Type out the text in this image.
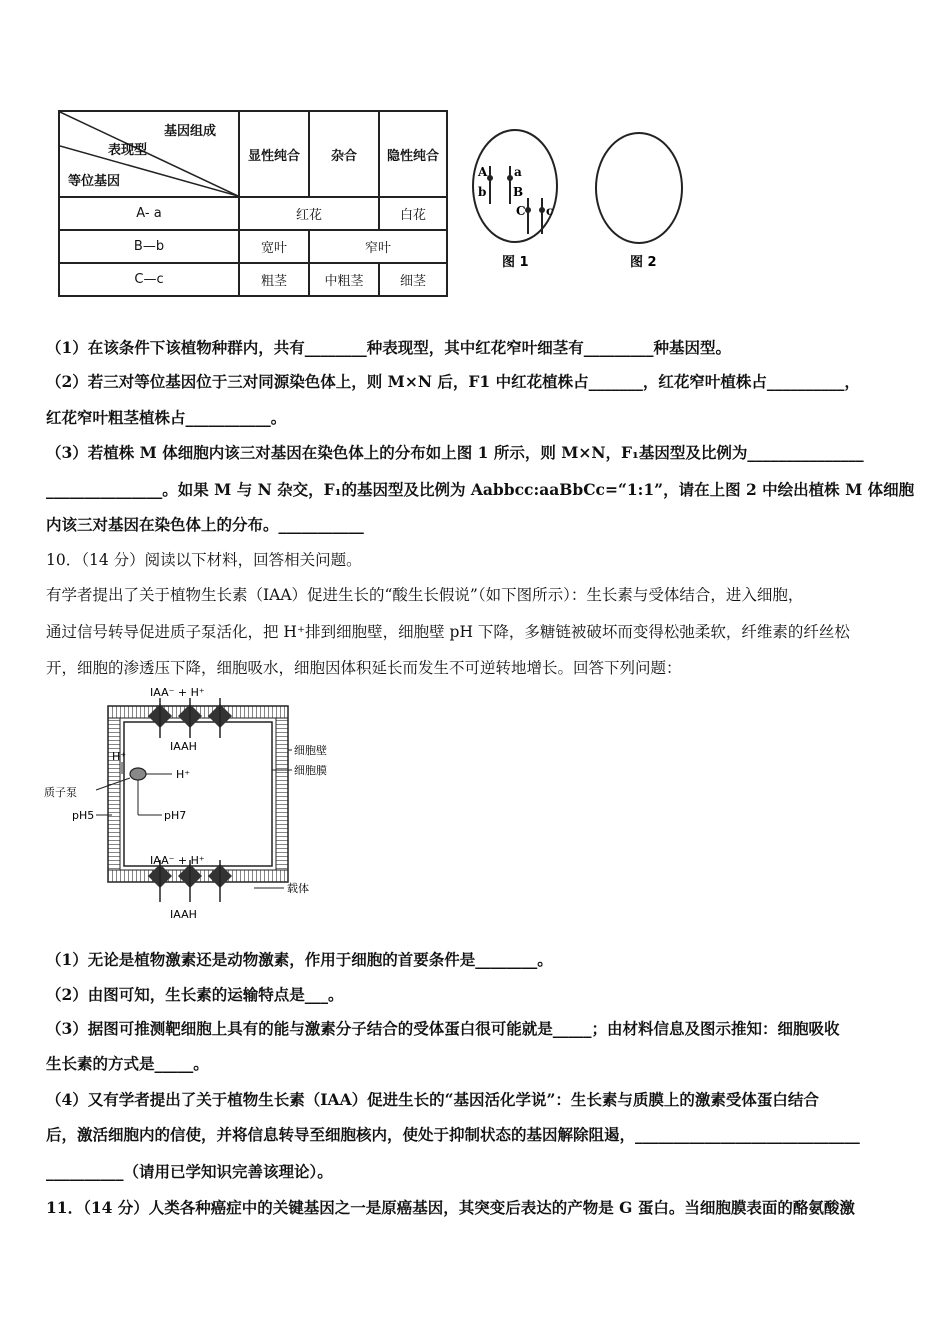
基因组成
表现型
等位基因	显性纯合	杂合	隐性纯合
A- a	红花		白花
B—b	宽叶	窄叶	
C—c	粗茎	中粗茎	细茎
A a
b B
C c
图 1	图 2
（1）在该条件下该植物种群内，共有________种表现型，其中红花窄叶细茎有_________种基因型。
（2）若三对等位基因位于三对同源染色体上，则 M×N 后，F1 中红花植株占_______，红花窄叶植株占__________，
红花窄叶粗茎植株占___________。
（3）若植株 M 体细胞内该三对基因在染色体上的分布如上图 1 所示，则 M×N，F₁基因型及比例为_______________
_______________。如果 M 与 N 杂交，F₁的基因型及比例为 Aabbcc:aaBbCc=“1:1”，请在上图 2 中绘出植株 M 体细胞
内该三对基因在染色体上的分布。___________
10．（14 分）阅读以下材料，回答相关问题。
有学者提出了关于植物生长素（IAA）促进生长的“酸生长假说”（如下图所示）：生长素与受体结合，进入细胞，
通过信号转导促进质子泵活化，把 H⁺排到细胞壁，细胞壁 pH 下降，多糖链被破坏而变得松弛柔软，纤维素的纤丝松
开，细胞的渗透压下降，细胞吸水，细胞因体积延长而发生不可逆转地增长。回答下列问题：
IAA⁻ + H⁺
IAAH
IAA⁻ + H⁺
IAAH
H⁺
H⁺
质子泵
pH5	pH7
细胞壁
细胞膜
载体
（1）无论是植物激素还是动物激素，作用于细胞的首要条件是________。
（2）由图可知，生长素的运输特点是___。
（3）据图可推测靶细胞上具有的能与激素分子结合的受体蛋白很可能就是_____；由材料信息及图示推知：细胞吸收
生长素的方式是_____。
（4）又有学者提出了关于植物生长素（IAA）促进生长的“基因活化学说”：生长素与质膜上的激素受体蛋白结合
后，激活细胞内的信使，并将信息转导至细胞核内，使处于抑制状态的基因解除阻遏，_____________________________
__________（请用已学知识完善该理论）。
11．（14 分）人类各种癌症中的关键基因之一是原癌基因，其突变后表达的产物是 G 蛋白。当细胞膜表面的酪氨酸激
